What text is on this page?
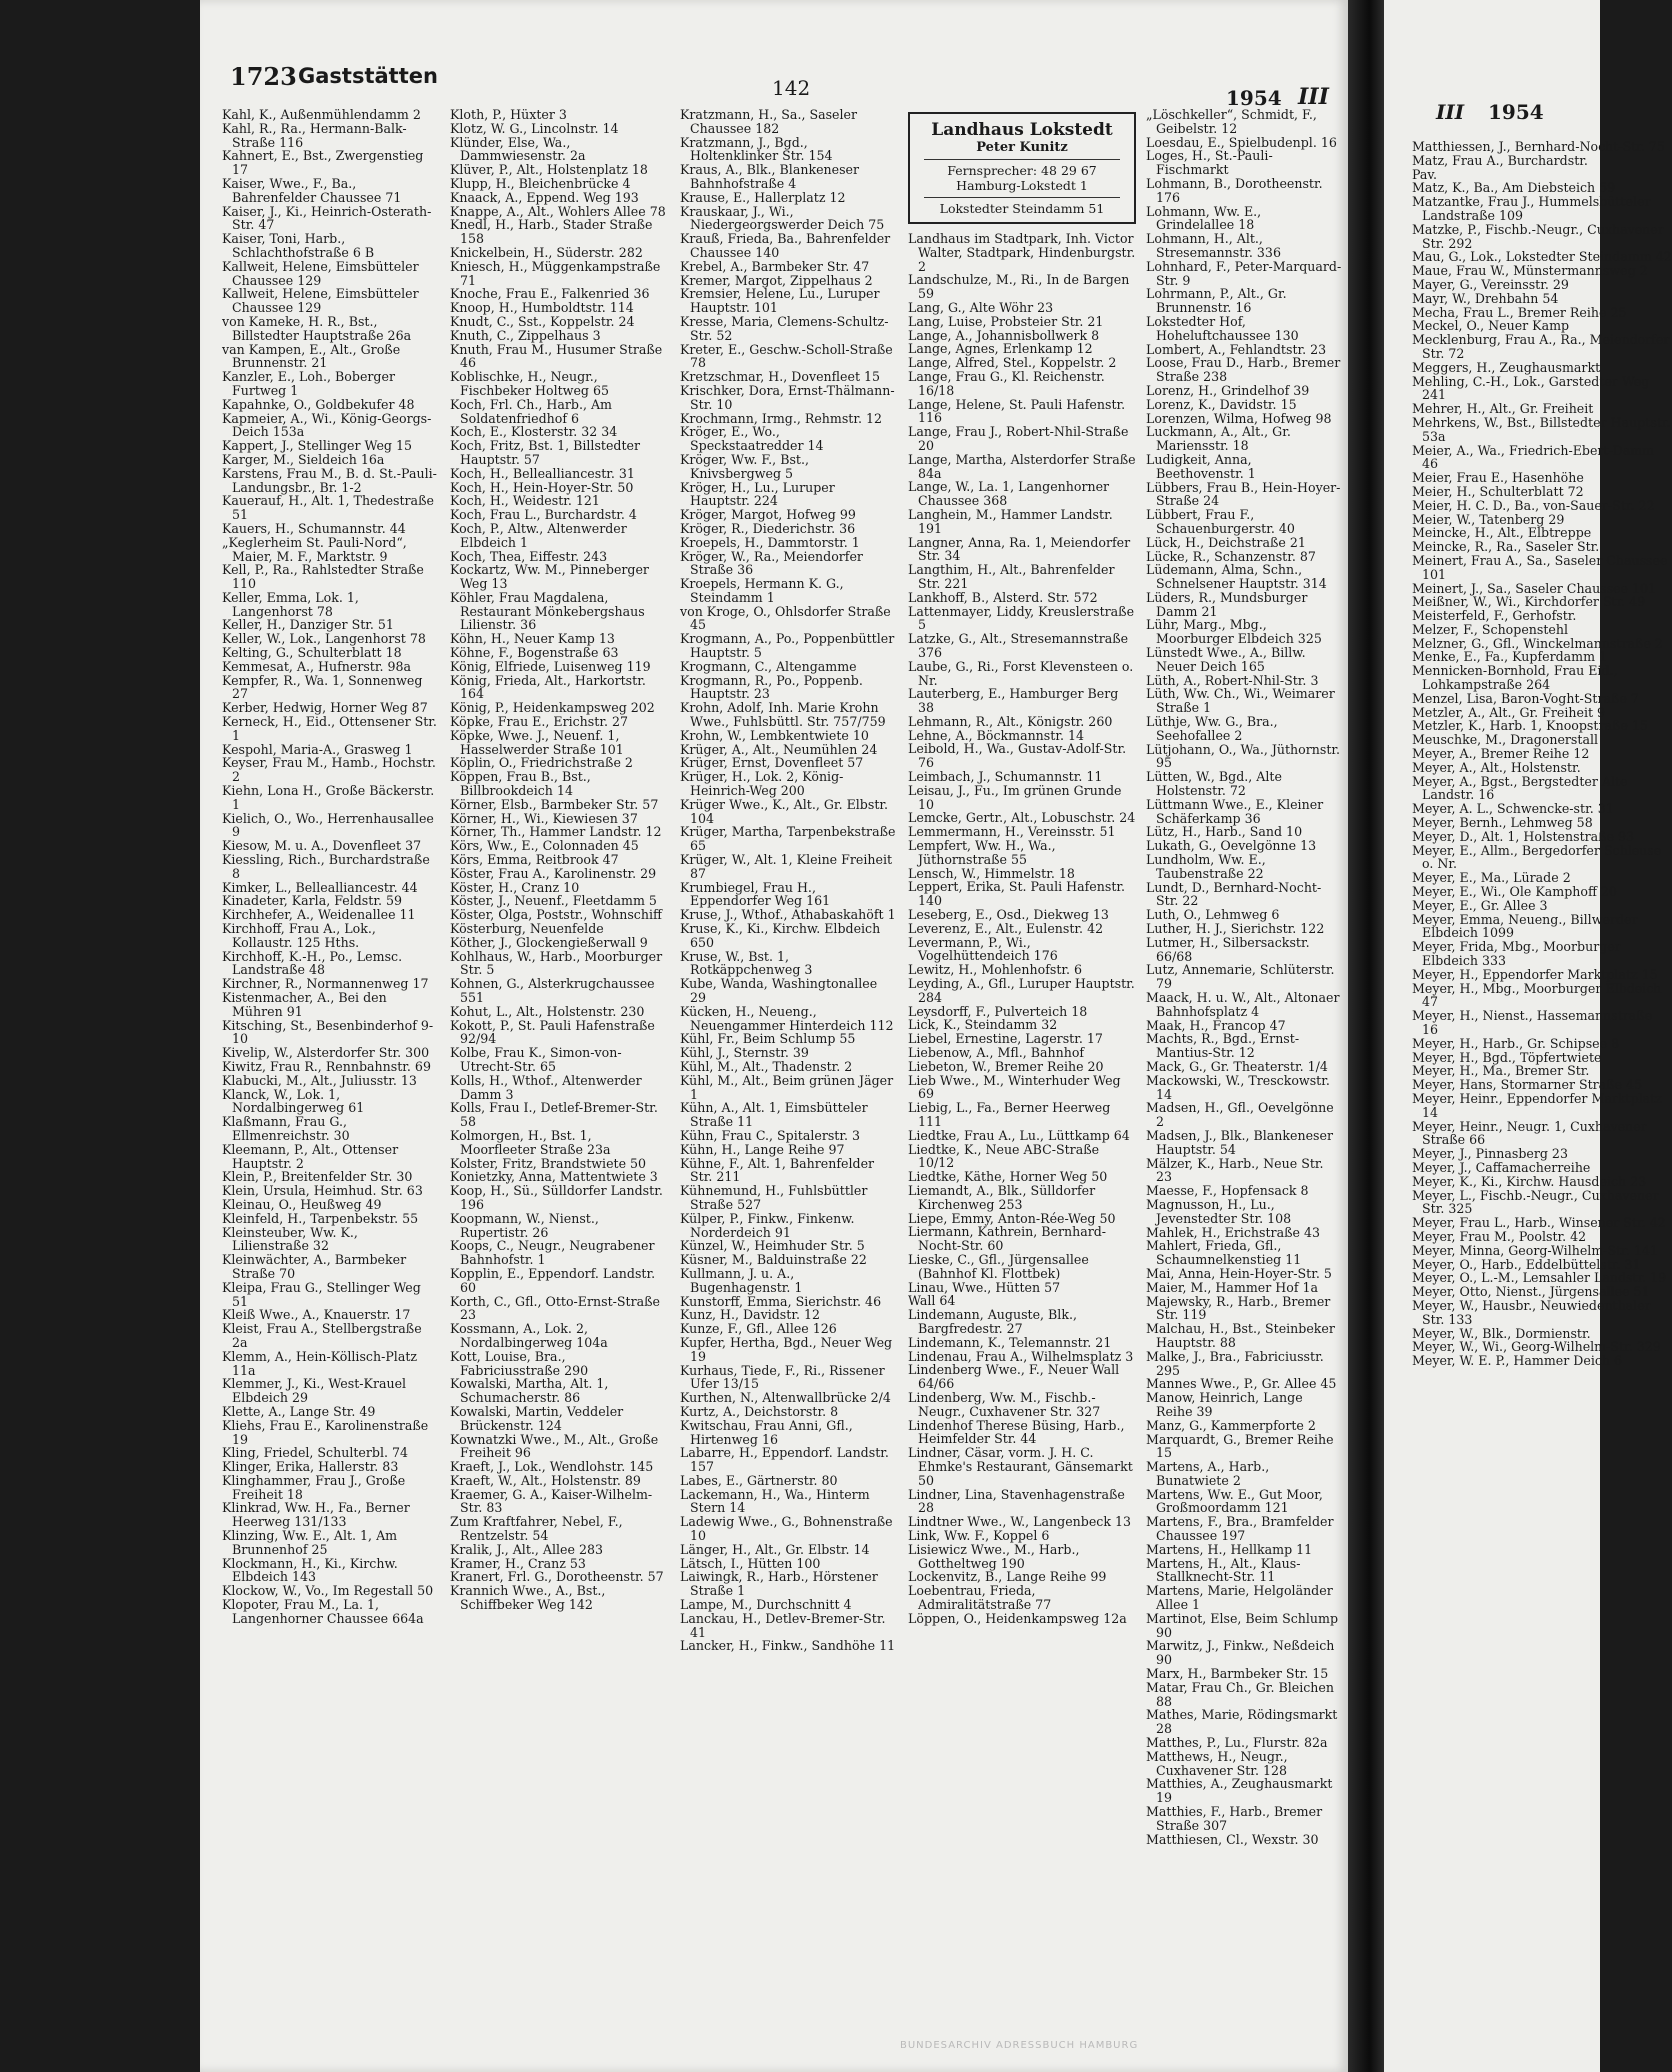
1723 Gaststätten	142	1954 III
Kahl, K., Außenmühlendamm 2
Kahl, R., Ra., Hermann-Balk-Straße 116
Kahnert, E., Bst., Zwergenstieg 17
Kaiser, Wwe., F., Ba., Bahrenfelder Chaussee 71
Kaiser, J., Ki., Heinrich-Osterath-Str. 47
Kaiser, Toni, Harb., Schlachthofstraße 6 B
Kallweit, Helene, Eimsbütteler Chaussee 129
Kallweit, Helene, Eimsbütteler Chaussee 129
von Kameke, H. R., Bst., Billstedter Hauptstraße 26a
van Kampen, E., Alt., Große Brunnenstr. 21
Kanzler, E., Loh., Boberger Furtweg 1
Kapahnke, O., Goldbekufer 48
Kapmeier, A., Wi., König-Georgs-Deich 153a
Kappert, J., Stellinger Weg 15
Karger, M., Sieldeich 16a
Karstens, Frau M., B. d. St.-Pauli-Landungsbr., Br. 1-2
Kauerauf, H., Alt. 1, Thedestraße 51
Kauers, H., Schumannstr. 44
„Keglerheim St. Pauli-Nord“, Maier, M. F., Marktstr. 9
Kell, P., Ra., Rahlstedter Straße 110
Keller, Emma, Lok. 1, Langenhorst 78
Keller, H., Danziger Str. 51
Keller, W., Lok., Langenhorst 78
Kelting, G., Schulterblatt 18
Kemmesat, A., Hufnerstr. 98a
Kempfer, R., Wa. 1, Sonnenweg 27
Kerber, Hedwig, Horner Weg 87
Kerneck, H., Eid., Ottensener Str. 1
Kespohl, Maria-A., Grasweg 1
Keyser, Frau M., Hamb., Hochstr. 2
Kiehn, Lona H., Große Bäckerstr. 1
Kielich, O., Wo., Herrenhausallee 9
Kiesow, M. u. A., Dovenfleet 37
Kiessling, Rich., Burchardstraße 8
Kimker, L., Bellealliancestr. 44
Kinadeter, Karla, Feldstr. 59
Kirchhefer, A., Weidenallee 11
Kirchhoff, Frau A., Lok., Kollaustr. 125 Hths.
Kirchhoff, K.-H., Po., Lemsc. Landstraße 48
Kirchner, R., Normannenweg 17
Kistenmacher, A., Bei den Mühren 91
Kitsching, St., Besenbinderhof 9-10
Kivelip, W., Alsterdorfer Str. 300
Kiwitz, Frau R., Rennbahnstr. 69
Klabucki, M., Alt., Juliusstr. 13
Klanck, W., Lok. 1, Nordalbingerweg 61
Klaßmann, Frau G., Ellmenreichstr. 30
Kleemann, P., Alt., Ottenser Hauptstr. 2
Klein, P., Breitenfelder Str. 30
Klein, Ursula, Heimhud. Str. 63
Kleinau, O., Heußweg 49
Kleinfeld, H., Tarpenbekstr. 55
Kleinsteuber, Ww. K., Lilienstraße 32
Kleinwächter, A., Barmbeker Straße 70
Kleipa, Frau G., Stellinger Weg 51
Kleiß Wwe., A., Knauerstr. 17
Kleist, Frau A., Stellbergstraße 2a
Klemm, A., Hein-Köllisch-Platz 11a
Klemmer, J., Ki., West-Krauel Elbdeich 29
Klette, A., Lange Str. 49
Kliehs, Frau E., Karolinenstraße 19
Kling, Friedel, Schulterbl. 74
Klinger, Erika, Hallerstr. 83
Klinghammer, Frau J., Große Freiheit 18
Klinkrad, Ww. H., Fa., Berner Heerweg 131/133
Klinzing, Ww. E., Alt. 1, Am Brunnenhof 25
Klockmann, H., Ki., Kirchw. Elbdeich 143
Klockow, W., Vo., Im Regestall 50
Klopoter, Frau M., La. 1, Langenhorner Chaussee 664a
Kloth, P., Hüxter 3
Klotz, W. G., Lincolnstr. 14
Klünder, Else, Wa., Dammwiesenstr. 2a
Klüver, P., Alt., Holstenplatz 18
Klupp, H., Bleichenbrücke 4
Knaack, A., Eppend. Weg 193
Knappe, A., Alt., Wohlers Allee 78
Knedl, H., Harb., Stader Straße 158
Knickelbein, H., Süderstr. 282
Kniesch, H., Müggenkampstraße 71
Knoche, Frau E., Falkenried 36
Knoop, H., Humboldtstr. 114
Knudt, C., Sst., Koppelstr. 24
Knuth, C., Zippelhaus 3
Knuth, Frau M., Husumer Straße 46
Koblischke, H., Neugr., Fischbeker Holtweg 65
Koch, Frl. Ch., Harb., Am Soldatenfriedhof 6
Koch, E., Klosterstr. 32 34
Koch, Fritz, Bst. 1, Billstedter Hauptstr. 57
Koch, H., Bellealliancestr. 31
Koch, H., Hein-Hoyer-Str. 50
Koch, H., Weidestr. 121
Koch, Frau L., Burchardstr. 4
Koch, P., Altw., Altenwerder Elbdeich 1
Koch, Thea, Eiffestr. 243
Kockartz, Ww. M., Pinneberger Weg 13
Köhler, Frau Magdalena, Restaurant Mönkebergshaus Lilienstr. 36
Köhn, H., Neuer Kamp 13
Köhne, F., Bogenstraße 63
König, Elfriede, Luisenweg 119
König, Frieda, Alt., Harkortstr. 164
König, P., Heidenkampsweg 202
Köpke, Frau E., Erichstr. 27
Köpke, Wwe. J., Neuenf. 1, Hasselwerder Straße 101
Köplin, O., Friedrichstraße 2
Köppen, Frau B., Bst., Billbrookdeich 14
Körner, Elsb., Barmbeker Str. 57
Körner, H., Wi., Kiewiesen 37
Körner, Th., Hammer Landstr. 12
Körs, Ww., E., Colonnaden 45
Körs, Emma, Reitbrook 47
Köster, Frau A., Karolinenstr. 29
Köster, H., Cranz 10
Köster, J., Neuenf., Fleetdamm 5
Köster, Olga, Poststr., Wohnschiff
Kösterburg, Neuenfelde
Köther, J., Glockengießerwall 9
Kohlhaus, W., Harb., Moorburger Str. 5
Kohnen, G., Alsterkrugchaussee 551
Kohut, L., Alt., Holstenstr. 230
Kokott, P., St. Pauli Hafenstraße 92/94
Kolbe, Frau K., Simon-von-Utrecht-Str. 65
Kolls, H., Wthof., Altenwerder Damm 3
Kolls, Frau I., Detlef-Bremer-Str. 58
Kolmorgen, H., Bst. 1, Moorfleeter Straße 23a
Kolster, Fritz, Brandstwiete 50
Konietzky, Anna, Mattentwiete 3
Koop, H., Sü., Sülldorfer Landstr. 196
Koopmann, W., Nienst., Rupertistr. 26
Koops, C., Neugr., Neugrabener Bahnhofstr. 1
Kopplin, E., Eppendorf. Landstr. 60
Korth, C., Gfl., Otto-Ernst-Straße 23
Kossmann, A., Lok. 2, Nordalbingerweg 104a
Kott, Louise, Bra., Fabriciusstraße 290
Kowalski, Martha, Alt. 1, Schumacherstr. 86
Kowalski, Martin, Veddeler Brückenstr. 124
Kownatzki Wwe., M., Alt., Große Freiheit 96
Kraeft, J., Lok., Wendlohstr. 145
Kraeft, W., Alt., Holstenstr. 89
Kraemer, G. A., Kaiser-Wilhelm-Str. 83
Zum Kraftfahrer, Nebel, F., Rentzelstr. 54
Kralik, J., Alt., Allee 283
Kramer, H., Cranz 53
Kranert, Frl. G., Dorotheenstr. 57
Krannich Wwe., A., Bst., Schiffbeker Weg 142
Kratzmann, H., Sa., Saseler Chaussee 182
Kratzmann, J., Bgd., Holtenklinker Str. 154
Kraus, A., Blk., Blankeneser Bahnhofstraße 4
Krause, E., Hallerplatz 12
Krauskaar, J., Wi., Niedergeorgswerder Deich 75
Krauß, Frieda, Ba., Bahrenfelder Chaussee 140
Krebel, A., Barmbeker Str. 47
Kremer, Margot, Zippelhaus 2
Kremsier, Helene, Lu., Luruper Hauptstr. 101
Kresse, Maria, Clemens-Schultz-Str. 52
Kreter, E., Geschw.-Scholl-Straße 78
Kretzschmar, H., Dovenfleet 15
Krischker, Dora, Ernst-Thälmann-Str. 10
Krochmann, Irmg., Rehmstr. 12
Kröger, E., Wo., Speckstaatredder 14
Kröger, Ww. F., Bst., Knivsbergweg 5
Kröger, H., Lu., Luruper Hauptstr. 224
Kröger, Margot, Hofweg 99
Kröger, R., Diederichstr. 36
Kroepels, H., Dammtorstr. 1
Kröger, W., Ra., Meiendorfer Straße 36
Kroepels, Hermann K. G., Steindamm 1
von Kroge, O., Ohlsdorfer Straße 45
Krogmann, A., Po., Poppenbüttler Hauptstr. 5
Krogmann, C., Altengamme
Krogmann, R., Po., Poppenb. Hauptstr. 23
Krohn, Adolf, Inh. Marie Krohn Wwe., Fuhlsbüttl. Str. 757/759
Krohn, W., Lembkentwiete 10
Krüger, A., Alt., Neumühlen 24
Krüger, Ernst, Dovenfleet 57
Krüger, H., Lok. 2, König-Heinrich-Weg 200
Krüger Wwe., K., Alt., Gr. Elbstr. 104
Krüger, Martha, Tarpenbekstraße 65
Krüger, W., Alt. 1, Kleine Freiheit 87
Krumbiegel, Frau H., Eppendorfer Weg 161
Kruse, J., Wthof., Athabaskahöft 1
Kruse, K., Ki., Kirchw. Elbdeich 650
Kruse, W., Bst. 1, Rotkäppchenweg 3
Kube, Wanda, Washingtonallee 29
Kücken, H., Neueng., Neuengammer Hinterdeich 112
Kühl, Fr., Beim Schlump 55
Kühl, J., Sternstr. 39
Kühl, M., Alt., Thadenstr. 2
Kühl, M., Alt., Beim grünen Jäger 1
Kühn, A., Alt. 1, Eimsbütteler Straße 11
Kühn, Frau C., Spitalerstr. 3
Kühn, H., Lange Reihe 97
Kühne, F., Alt. 1, Bahrenfelder Str. 211
Kühnemund, H., Fuhlsbüttler Straße 527
Külper, P., Finkw., Finkenw. Norderdeich 91
Künzel, W., Heimhuder Str. 5
Küsner, M., Balduinstraße 22
Kullmann, J. u. A., Bugenhagenstr. 1
Kunstorff, Emma, Sierichstr. 46
Kunz, H., Davidstr. 12
Kunze, F., Gfl., Allee 126
Kupfer, Hertha, Bgd., Neuer Weg 19
Kurhaus, Tiede, F., Ri., Rissener Ufer 13/15
Kurthen, N., Altenwallbrücke 2/4
Kurtz, A., Deichstorstr. 8
Kwitschau, Frau Anni, Gfl., Hirtenweg 16
Labarre, H., Eppendorf. Landstr. 157
Labes, E., Gärtnerstr. 80
Lackemann, H., Wa., Hinterm Stern 14
Ladewig Wwe., G., Bohnenstraße 10
Länger, H., Alt., Gr. Elbstr. 14
Lätsch, I., Hütten 100
Laiwingk, R., Harb., Hörstener Straße 1
Lampe, M., Durchschnitt 4
Lanckau, H., Detlev-Bremer-Str. 41
Lancker, H., Finkw., Sandhöhe 11
Landhaus Lokstedt
Peter Kunitz
Fernsprecher: 48 29 67
Hamburg-Lokstedt 1
Lokstedter Steindamm 51
Landhaus im Stadtpark, Inh. Victor Walter, Stadtpark, Hindenburgstr. 2
Landschulze, M., Ri., In de Bargen 59
Lang, G., Alte Wöhr 23
Lang, Luise, Probsteier Str. 21
Lange, A., Johannisbollwerk 8
Lange, Agnes, Erlenkamp 12
Lange, Alfred, Stel., Koppelstr. 2
Lange, Frau G., Kl. Reichenstr. 16/18
Lange, Helene, St. Pauli Hafenstr. 116
Lange, Frau J., Robert-Nhil-Straße 20
Lange, Martha, Alsterdorfer Straße 84a
Lange, W., La. 1, Langenhorner Chaussee 368
Langhein, M., Hammer Landstr. 191
Langner, Anna, Ra. 1, Meiendorfer Str. 34
Langthim, H., Alt., Bahrenfelder Str. 221
Lankhoff, B., Alsterd. Str. 572
Lattenmayer, Liddy, Kreuslerstraße 5
Latzke, G., Alt., Stresemannstraße 376
Laube, G., Ri., Forst Klevensteen o. Nr.
Lauterberg, E., Hamburger Berg 38
Lehmann, R., Alt., Königstr. 260
Lehne, A., Böckmannstr. 14
Leibold, H., Wa., Gustav-Adolf-Str. 76
Leimbach, J., Schumannstr. 11
Leisau, J., Fu., Im grünen Grunde 10
Lemcke, Gertr., Alt., Lobuschstr. 24
Lemmermann, H., Vereinsstr. 51
Lempfert, Ww. H., Wa., Jüthornstraße 55
Lensch, W., Himmelstr. 18
Leppert, Erika, St. Pauli Hafenstr. 140
Leseberg, E., Osd., Diekweg 13
Leverenz, E., Alt., Eulenstr. 42
Levermann, P., Wi., Vogelhüttendeich 176
Lewitz, H., Mohlenhofstr. 6
Leyding, A., Gfl., Luruper Hauptstr. 284
Leysdorff, F., Pulverteich 18
Lick, K., Steindamm 32
Liebel, Ernestine, Lagerstr. 17
Liebenow, A., Mfl., Bahnhof
Liebeton, W., Bremer Reihe 20
Lieb Wwe., M., Winterhuder Weg 69
Liebig, L., Fa., Berner Heerweg 111
Liedtke, Frau A., Lu., Lüttkamp 64
Liedtke, K., Neue ABC-Straße 10/12
Liedtke, Käthe, Horner Weg 50
Liemandt, A., Blk., Sülldorfer Kirchenweg 253
Liepe, Emmy, Anton-Rée-Weg 50
Liermann, Kathrein, Bernhard-Nocht-Str. 60
Lieske, C., Gfl., Jürgensallee (Bahnhof Kl. Flottbek)
Linau, Wwe., Hütten 57
Wall 64
Lindemann, Auguste, Blk., Bargfredestr. 27
Lindemann, K., Telemannstr. 21
Lindenau, Frau A., Wilhelmsplatz 3
Lindenberg Wwe., F., Neuer Wall 64/66
Lindenberg, Ww. M., Fischb.-Neugr., Cuxhavener Str. 327
Lindenhof Therese Büsing, Harb., Heimfelder Str. 44
Lindner, Cäsar, vorm. J. H. C. Ehmke's Restaurant, Gänsemarkt 50
Lindner, Lina, Stavenhagenstraße 28
Lindtner Wwe., W., Langenbeck 13
Link, Ww. F., Koppel 6
Lisiewicz Wwe., M., Harb., Gottheltweg 190
Lockenvitz, B., Lange Reihe 99
Loebentrau, Frieda, Admiralitätstraße 77
Löppen, O., Heidenkampsweg 12a
„Löschkeller“, Schmidt, F., Geibelstr. 12
Loesdau, E., Spielbudenpl. 16
Loges, H., St.-Pauli-Fischmarkt
Lohmann, B., Dorotheenstr. 176
Lohmann, Ww. E., Grindelallee 18
Lohmann, H., Alt., Stresemannstr. 336
Lohnhard, F., Peter-Marquard-Str. 9
Lohrmann, P., Alt., Gr. Brunnenstr. 16
Lokstedter Hof, Hoheluftchaussee 130
Lombert, A., Fehlandtstr. 23
Loose, Frau D., Harb., Bremer Straße 238
Lorenz, H., Grindelhof 39
Lorenz, K., Davidstr. 15
Lorenzen, Wilma, Hofweg 98
Luckmann, A., Alt., Gr. Mariensstr. 18
Ludigkeit, Anna, Beethovenstr. 1
Lübbers, Frau B., Hein-Hoyer-Straße 24
Lübbert, Frau F., Schauenburgerstr. 40
Lück, H., Deichstraße 21
Lücke, R., Schanzenstr. 87
Lüdemann, Alma, Schn., Schnelsener Hauptstr. 314
Lüders, R., Mundsburger Damm 21
Lühr, Marg., Mbg., Moorburger Elbdeich 325
Lünstedt Wwe., A., Billw. Neuer Deich 165
Lüth, A., Robert-Nhil-Str. 3
Lüth, Ww. Ch., Wi., Weimarer Straße 1
Lüthje, Ww. G., Bra., Seehofallee 2
Lütjohann, O., Wa., Jüthornstr. 95
Lütten, W., Bgd., Alte Holstenstr. 72
Lüttmann Wwe., E., Kleiner Schäferkamp 36
Lütz, H., Harb., Sand 10
Lukath, G., Oevelgönne 13
Lundholm, Ww. E., Taubenstraße 22
Lundt, D., Bernhard-Nocht-Str. 22
Luth, O., Lehmweg 6
Luther, H. J., Sierichstr. 122
Lutmer, H., Silbersackstr. 66/68
Lutz, Annemarie, Schlüterstr. 79
Maack, H. u. W., Alt., Altonaer Bahnhofsplatz 4
Maak, H., Francop 47
Machts, R., Bgd., Ernst-Mantius-Str. 12
Mack, G., Gr. Theaterstr. 1/4
Mackowski, W., Tresckowstr. 14
Madsen, H., Gfl., Oevelgönne 2
Madsen, J., Blk., Blankeneser Hauptstr. 54
Mälzer, K., Harb., Neue Str. 23
Maesse, F., Hopfensack 8
Magnusson, H., Lu., Jevenstedter Str. 108
Mahlek, H., Erichstraße 43
Mahlert, Frieda, Gfl., Schaumnelkenstieg 11
Mai, Anna, Hein-Hoyer-Str. 5
Maier, M., Hammer Hof 1a
Majewsky, R., Harb., Bremer Str. 119
Malchau, H., Bst., Steinbeker Hauptstr. 88
Malke, J., Bra., Fabriciusstr. 295
Mannes Wwe., P., Gr. Allee 45
Manow, Heinrich, Lange Reihe 39
Manz, G., Kammerpforte 2
Marquardt, G., Bremer Reihe 15
Martens, A., Harb., Bunatwiete 2
Martens, Ww. E., Gut Moor, Großmoordamm 121
Martens, F., Bra., Bramfelder Chaussee 197
Martens, H., Hellkamp 11
Martens, H., Alt., Klaus-Stallknecht-Str. 11
Martens, Marie, Helgoländer Allee 1
Martinot, Else, Beim Schlump 90
Marwitz, J., Finkw., Neßdeich 90
Marx, H., Barmbeker Str. 15
Matar, Frau Ch., Gr. Bleichen 88
Mathes, Marie, Rödingsmarkt 28
Matthes, P., Lu., Flurstr. 82a
Matthews, H., Neugr., Cuxhavener Str. 128
Matthies, A., Zeughausmarkt 19
Matthies, F., Harb., Bremer Straße 307
Matthiesen, Cl., Wexstr. 30
BUNDESARCHIV ADRESSBUCH HAMBURG
III 1954
Matthiessen, J., Bernhard-Nocht-Str. 75
Matz, Frau A., Burchardstr.
Pav.
Matz, K., Ba., Am Diebsteich 59
Matzantke, Frau J., Hummelsbütteler Landstraße 109
Matzke, P., Fischb.-Neugr., Cuxhavener Str. 292
Mau, G., Lok., Lokstedter Steindamm 42
Maue, Frau W., Münstermannsweg 2
Mayer, G., Vereinsstr. 29
Mayr, W., Drehbahn 54
Mecha, Frau L., Bremer Reihe 25
Meckel, O., Neuer Kamp
Mecklenburg, Frau A., Ra., Meiendorfer Str. 72
Meggers, H., Zeughausmarkt
Mehling, C.-H., Lok., Garstedter Weg 241
Mehrer, H., Alt., Gr. Freiheit
Mehrkens, W., Bst., Billstedter Hauptstr. 53a
Meier, A., Wa., Friedrich-Ebert-Damm 46
Meier, Frau E., Hasenhöhe
Meier, H., Schulterblatt 72
Meier, H. C. D., Ba., von-Sauer-Str. 22
Meier, W., Tatenberg 29
Meincke, H., Alt., Elbtreppe
Meincke, R., Ra., Saseler Str.
Meinert, Frau A., Sa., Saseler Chaussee 101
Meinert, J., Sa., Saseler Chaussee 101
Meißner, W., Wi., Kirchdorfer Str. 49
Meisterfeld, F., Gerhofstr.
Melzer, F., Schopenstehl
Melzner, G., Gfl., Winckelmannstraße 2
Menke, E., Fa., Kupferdamm 1
Mennicken-Bornhold, Frau Eid., Lohkampstraße 264
Menzel, Lisa, Baron-Voght-Straße 7
Metzler, A., Alt., Gr. Freiheit 9
Metzler, K., Harb. 1, Knoopstraße 15
Meuschke, M., Dragonerstall
Meyer, A., Bremer Reihe 12
Meyer, A., Alt., Holstenstr.
Meyer, A., Bgst., Bergstedter Alte Landstr. 16
Meyer, A. L., Schwencke-str. 31
Meyer, Bernh., Lehmweg 58
Meyer, D., Alt. 1, Holstenstraße 93
Meyer, E., Allm., Bergedorfer Schleuse o. Nr.
Meyer, E., Ma., Lürade 2
Meyer, E., Wi., Ole Kamphoff 20
Meyer, E., Gr. Allee 3
Meyer, Emma, Neueng., Billwerder Elbdeich 1099
Meyer, Frida, Mbg., Moorburger Elbdeich 333
Meyer, H., Eppendorfer Marktplatz 15
Meyer, H., Mbg., Moorburger Elbdeich 47
Meyer, H., Nienst., Hassemannstraße 16
Meyer, H., Harb., Gr. Schipsee 8
Meyer, H., Bgd., Töpfertwiete
Meyer, H., Ma., Bremer Str.
Meyer, Hans, Stormarner Straße 45
Meyer, Heinr., Eppendorfer Marktplatz 14
Meyer, Heinr., Neugr. 1, Cuxhavener Straße 66
Meyer, J., Pinnasberg 23
Meyer, J., Caffamacherreihe
Meyer, K., Ki., Kirchw. Hausdeich 23
Meyer, L., Fischb.-Neugr., Cuxhavener Str. 325
Meyer, Frau L., Harb., Winsener Str. 42
Meyer, Frau M., Poolstr. 42
Meyer, Minna, Georg-Wilhelm-Str. 141
Meyer, O., Harb., Eddelbüttelstr. 31
Meyer, O., L.-M., Lemsahler Landstr. 19
Meyer, Otto, Nienst., Jürgensallee 51
Meyer, W., Hausbr., Neuwiedenthaler Str. 133
Meyer, W., Blk., Dormienstr.
Meyer, W., Wi., Georg-Wilhelm-Str. 329
Meyer, W. E. P., Hammer Deich 6
